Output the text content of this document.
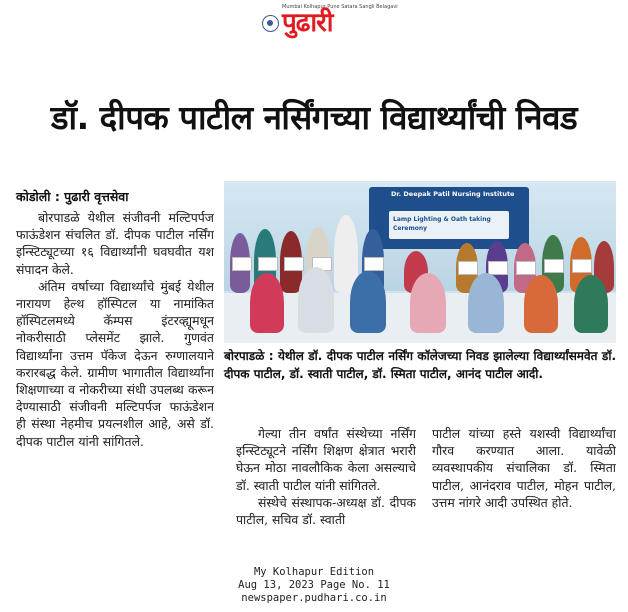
पुढारी
Mumbai Kolhapur Pune Satara Sangli Belagavi
डॉ. दीपक पाटील नर्सिंगच्या विद्यार्थ्यांची निवड
कोडोली : पुढारी वृत्तसेवा

बोरपाडळे येथील संजीवनी मल्टिपर्पज फाऊंडेशन संचलित डॉ. दीपक पाटील नर्सिंग इन्स्टिट्यूटच्या १६ विद्यार्थ्यांनी घवघवीत यश संपादन केले.

अंतिम वर्षाच्या विद्यार्थ्यांचे मुंबई येथील नारायण हेल्थ हॉस्पिटल या नामांकित हॉस्पिटलमध्ये कॅम्पस इंटरव्ह्यूमधून नोकरीसाठी प्लेसमेंट झाले. गुणवंत विद्यार्थ्यांना उत्तम पॅकेज देऊन रुग्णालयाने करारबद्ध केले. ग्रामीण भागातील विद्यार्थ्यांना शिक्षणाच्या व नोकरीच्या संधी उपलब्ध करून देण्यासाठी संजीवनी मल्टिपर्पज फाऊंडेशन ही संस्था नेहमीच प्रयत्नशील आहे, असे डॉ. दीपक पाटील यांनी सांगितले.

Dr. Deepak Patil Nursing Institute
Lamp Lighting & Oath taking Ceremony
बोरपाडळे : येथील डॉ. दीपक पाटील नर्सिंग कॉलेजच्या निवड झालेल्या विद्यार्थ्यांसमवेत डॉ. दीपक पाटील, डॉ. स्वाती पाटील, डॉ. स्मिता पाटील, आनंद पाटील आदी.

गेल्या तीन वर्षांत संस्थेच्या नर्सिंग इन्स्टिट्यूटने नर्सिंग शिक्षण क्षेत्रात भरारी घेऊन मोठा नावलौकिक केला असल्याचे डॉ. स्वाती पाटील यांनी सांगितले.

संस्थेचे संस्थापक-अध्यक्ष डॉ. दीपक पाटील, सचिव डॉ. स्वाती

पाटील यांच्या हस्ते यशस्वी विद्यार्थ्यांचा गौरव करण्यात आला. यावेळी व्यवस्थापकीय संचालिका डॉ. स्मिता पाटील, आनंदराव पाटील, मोहन पाटील, उत्तम नांगरे आदी उपस्थित होते.

My Kolhapur Edition
Aug 13, 2023 Page No. 11
newspaper.pudhari.co.in
